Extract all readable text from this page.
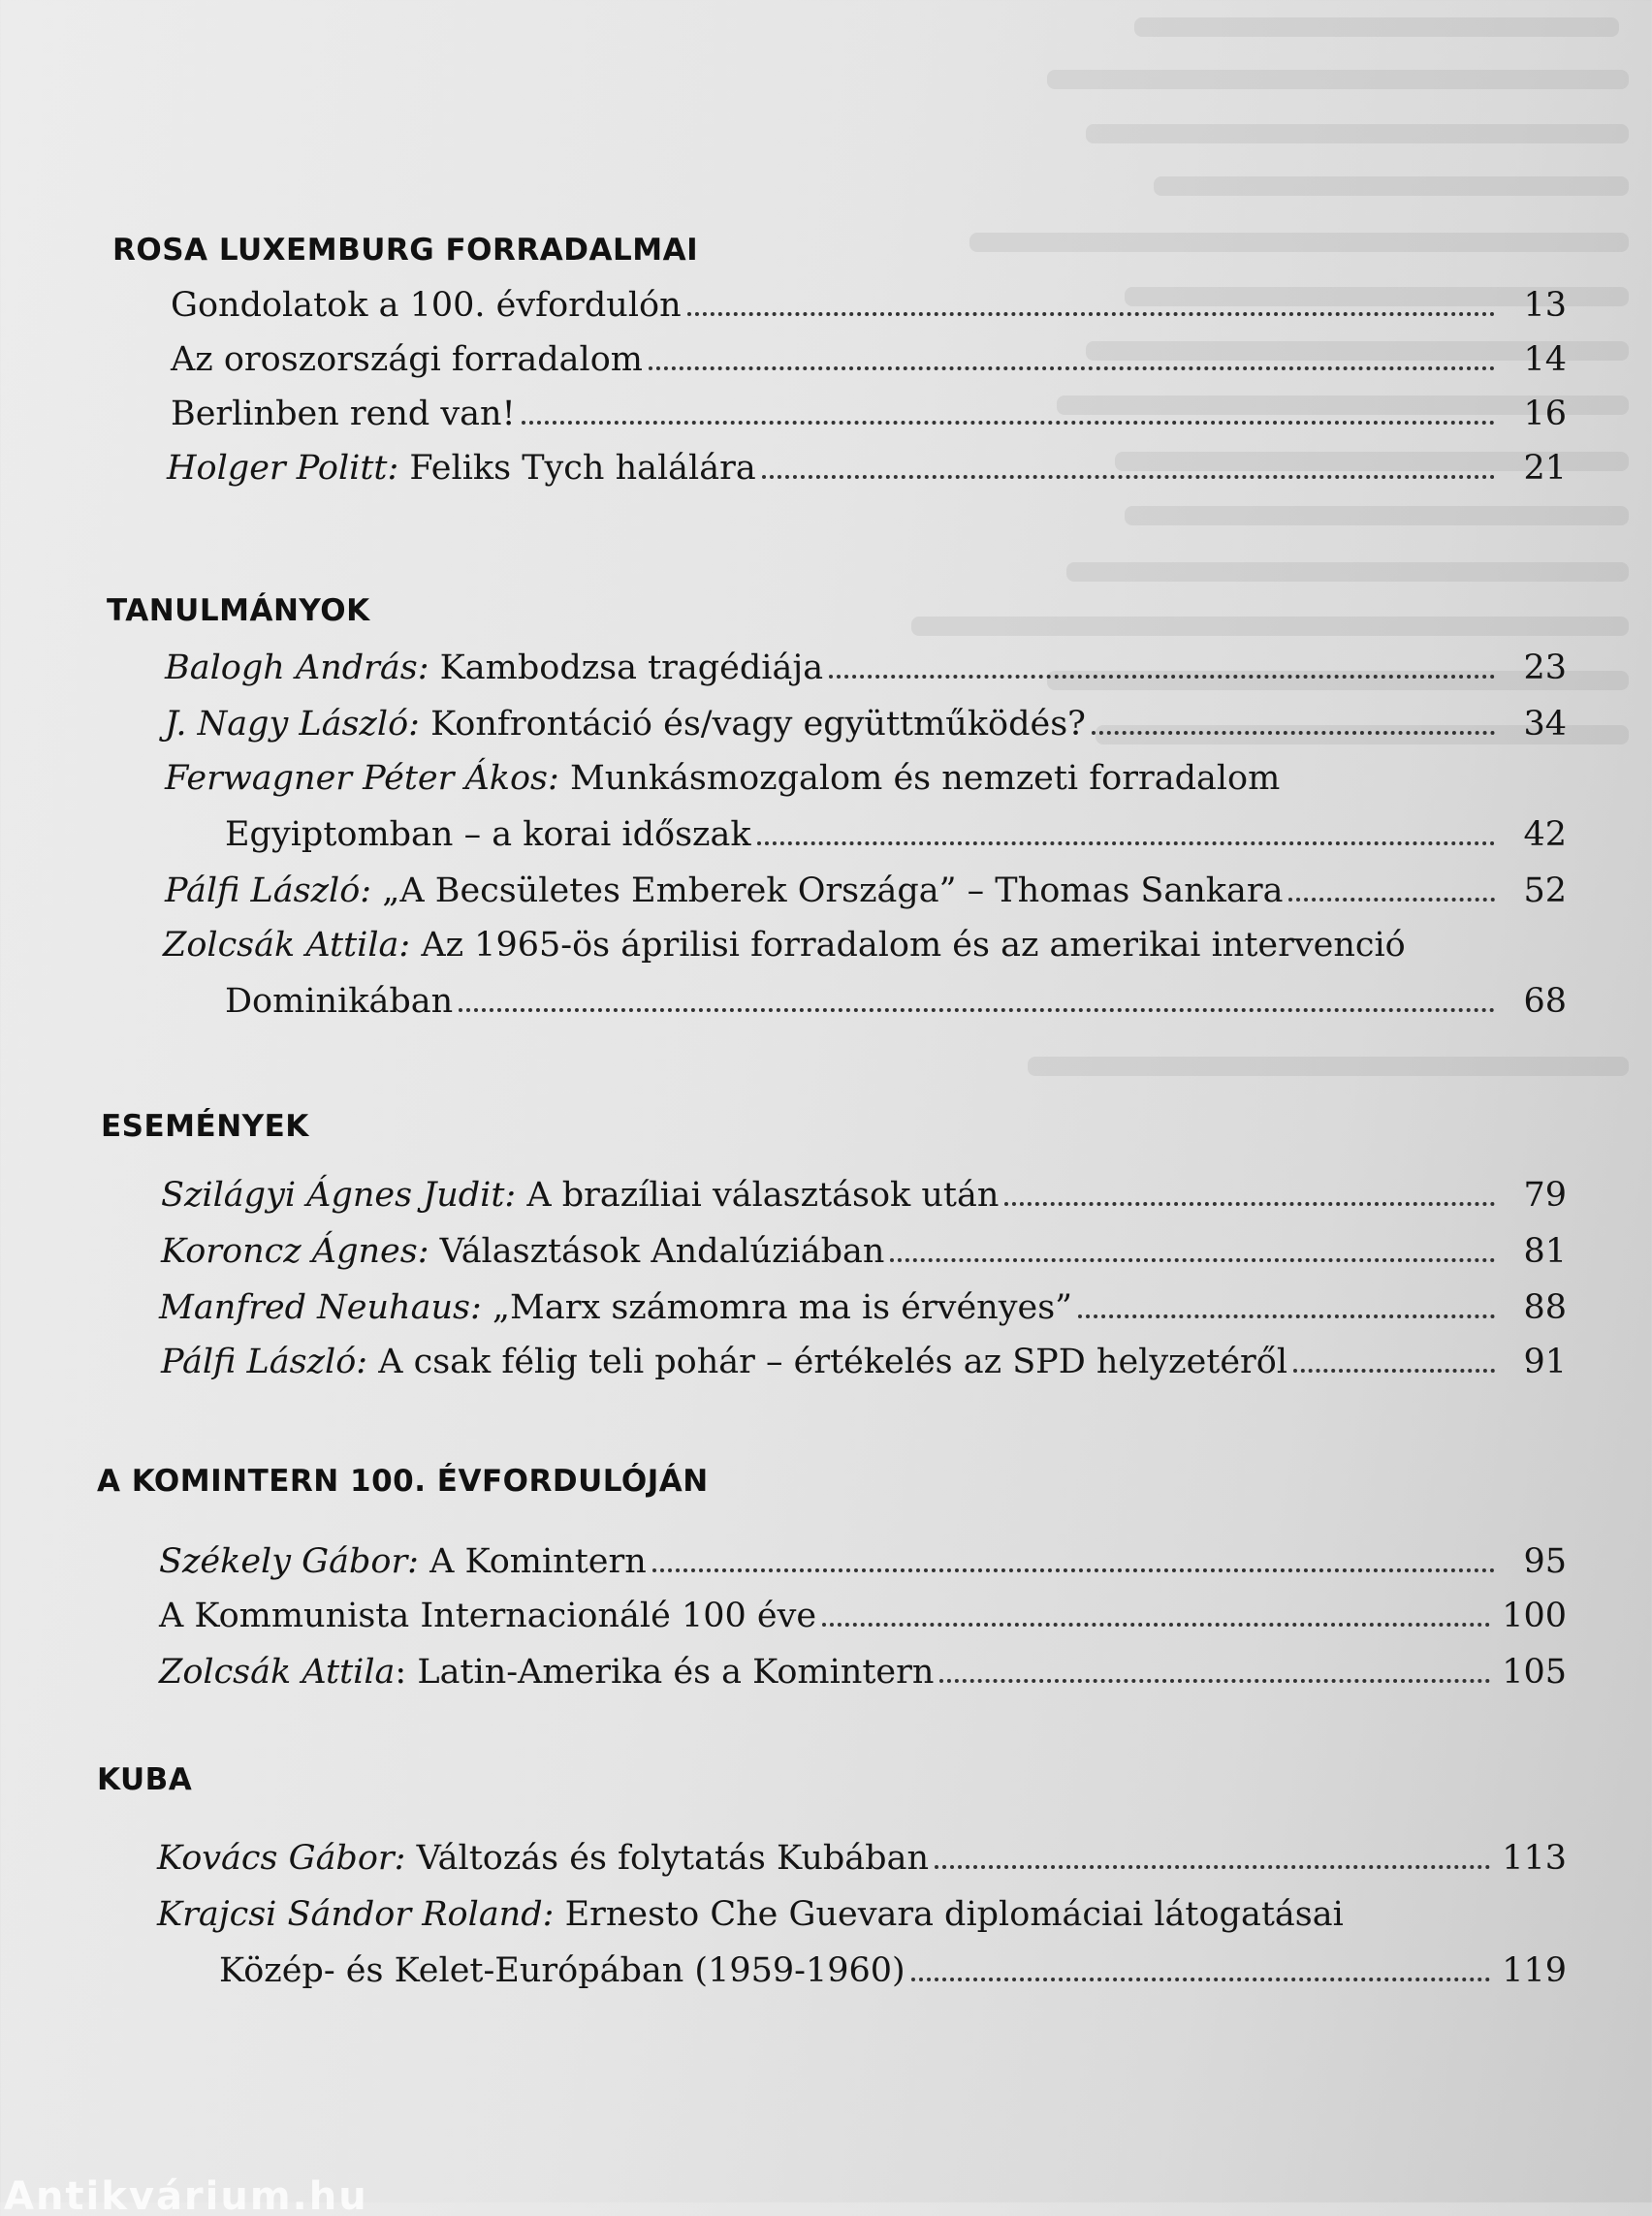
ROSA LUXEMBURG FORRADALMAI
Gondolatok a 100. évfordulón	13
Az oroszországi forradalom	14
Berlinben rend van!	16
Holger Politt:
Feliks Tych halálára	21
TANULMÁNYOK
Balogh András:
Kambodzsa tragédiája	23
J. Nagy László:
Konfrontáció és/vagy együttműködés?	34
Ferwagner Péter Ákos:
Munkásmozgalom és nemzeti forradalom
Egyiptomban – a korai időszak	42
Pálfi László:
„A Becsületes Emberek Országa” – Thomas Sankara	52
Zolcsák Attila:
Az 1965-ös áprilisi forradalom és az amerikai intervenció
Dominikában	68
ESEMÉNYEK
Szilágyi Ágnes Judit:
A brazíliai választások után	79
Koroncz Ágnes:
Választások Andalúziában	81
Manfred Neuhaus:
„Marx számomra ma is érvényes”	88
Pálfi László:
A csak félig teli pohár – értékelés az SPD helyzetéről	91
A KOMINTERN 100. ÉVFORDULÓJÁN
Székely Gábor:
A Komintern	95
A Kommunista Internacionálé 100 éve	100
Zolcsák Attila : Latin-Amerika és a Komintern	105
KUBA
Kovács Gábor:
Változás és folytatás Kubában	113
Krajcsi Sándor Roland:
Ernesto Che Guevara diplomáciai látogatásai
Közép- és Kelet-Európában (1959-1960)	119
Antikvárium.hu
